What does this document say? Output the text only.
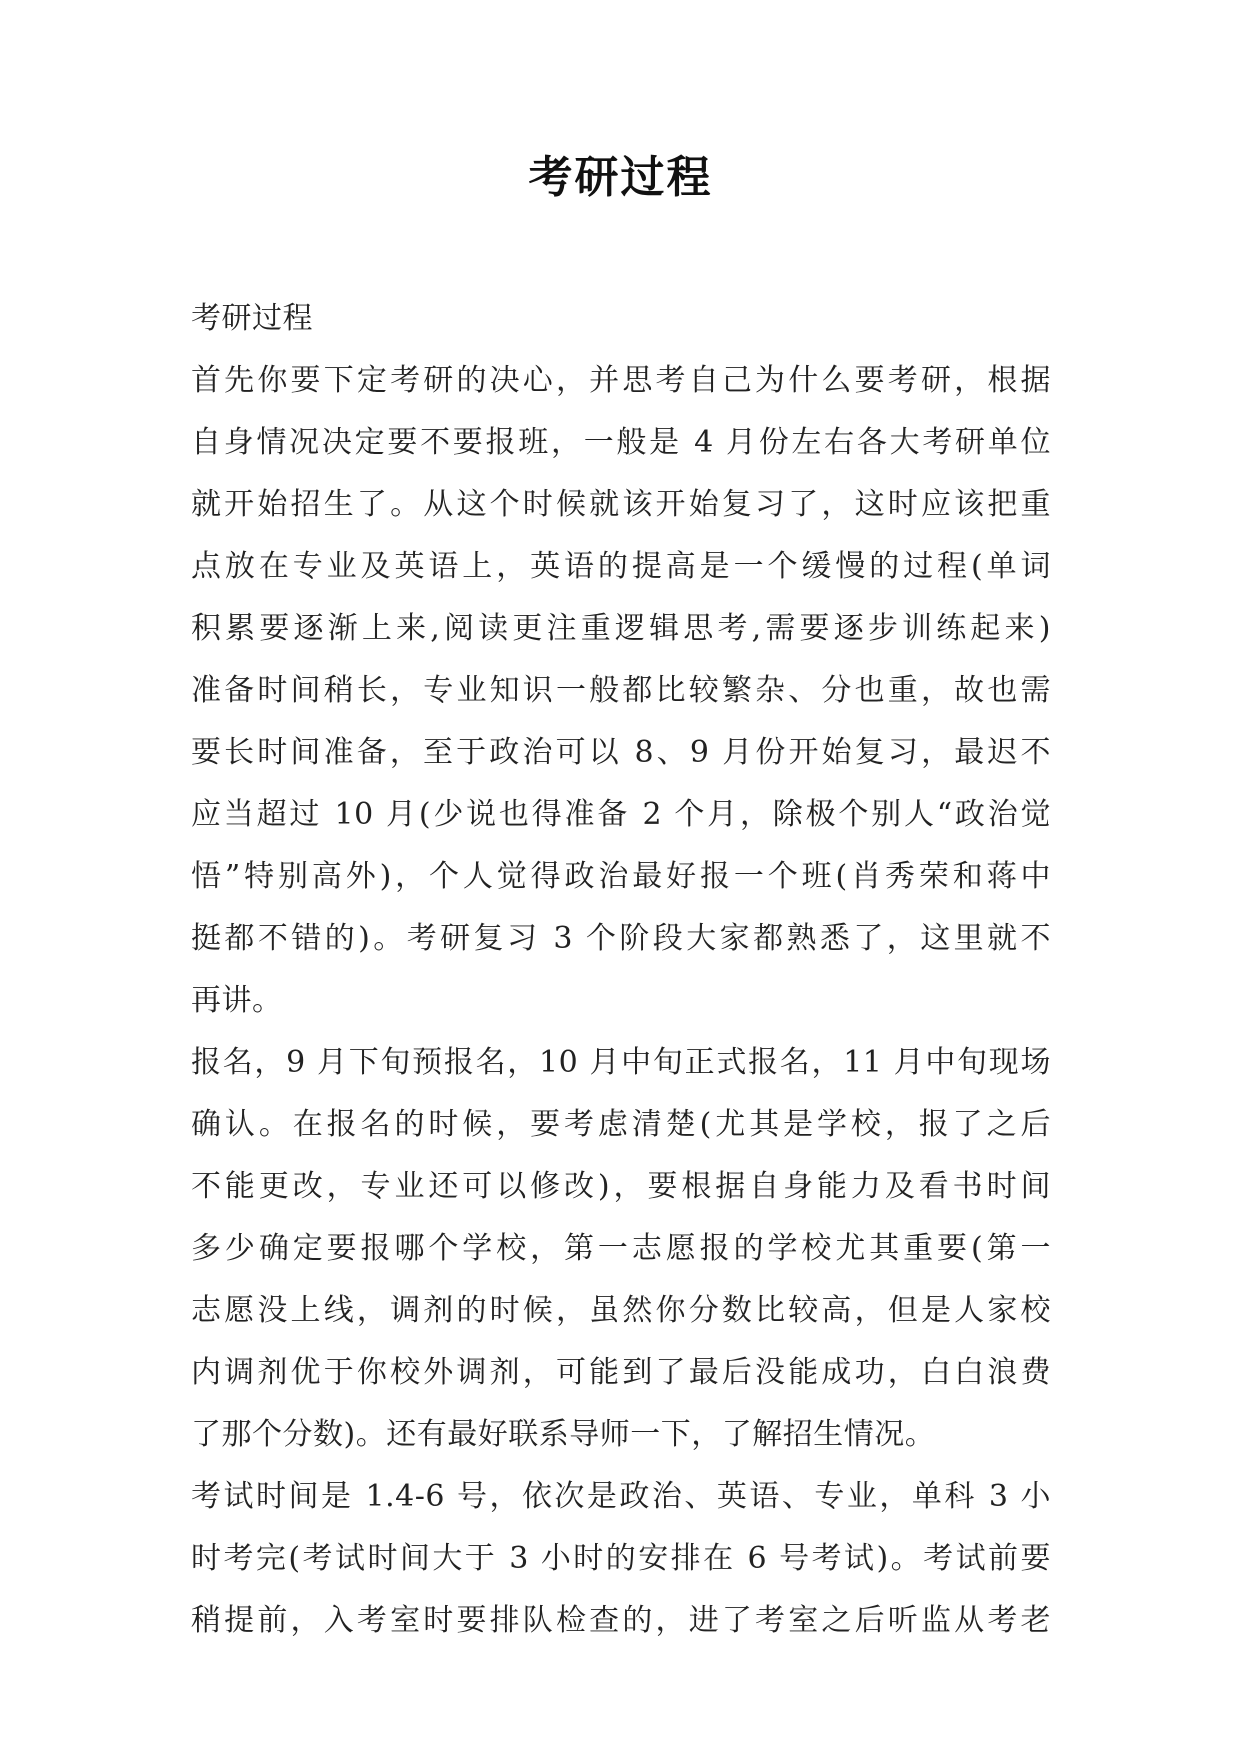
考研过程
考研过程
首先你要下定考研的决心，并思考自己为什么要考研，根据
自身情况决定要不要报班，一般是 4 月份左右各大考研单位
就开始招生了。从这个时候就该开始复习了，这时应该把重
点放在专业及英语上，英语的提高是一个缓慢的过程(单词
积累要逐渐上来,阅读更注重逻辑思考,需要逐步训练起来)
准备时间稍长，专业知识一般都比较繁杂、分也重，故也需
要长时间准备，至于政治可以 8、9 月份开始复习，最迟不
应当超过 10 月(少说也得准备 2 个月，除极个别人“政治觉
悟”特别高外)，个人觉得政治最好报一个班(肖秀荣和蒋中
挺都不错的)。考研复习 3 个阶段大家都熟悉了，这里就不
再讲。
报名，9 月下旬预报名，10 月中旬正式报名，11 月中旬现场
确认。在报名的时候，要考虑清楚(尤其是学校，报了之后
不能更改，专业还可以修改)，要根据自身能力及看书时间
多少确定要报哪个学校，第一志愿报的学校尤其重要(第一
志愿没上线，调剂的时候，虽然你分数比较高，但是人家校
内调剂优于你校外调剂，可能到了最后没能成功，白白浪费
了那个分数)。还有最好联系导师一下，了解招生情况。
考试时间是 1.4-6 号，依次是政治、英语、专业，单科 3 小
时考完(考试时间大于 3 小时的安排在 6 号考试)。考试前要
稍提前，入考室时要排队检查的，进了考室之后听监从考老
